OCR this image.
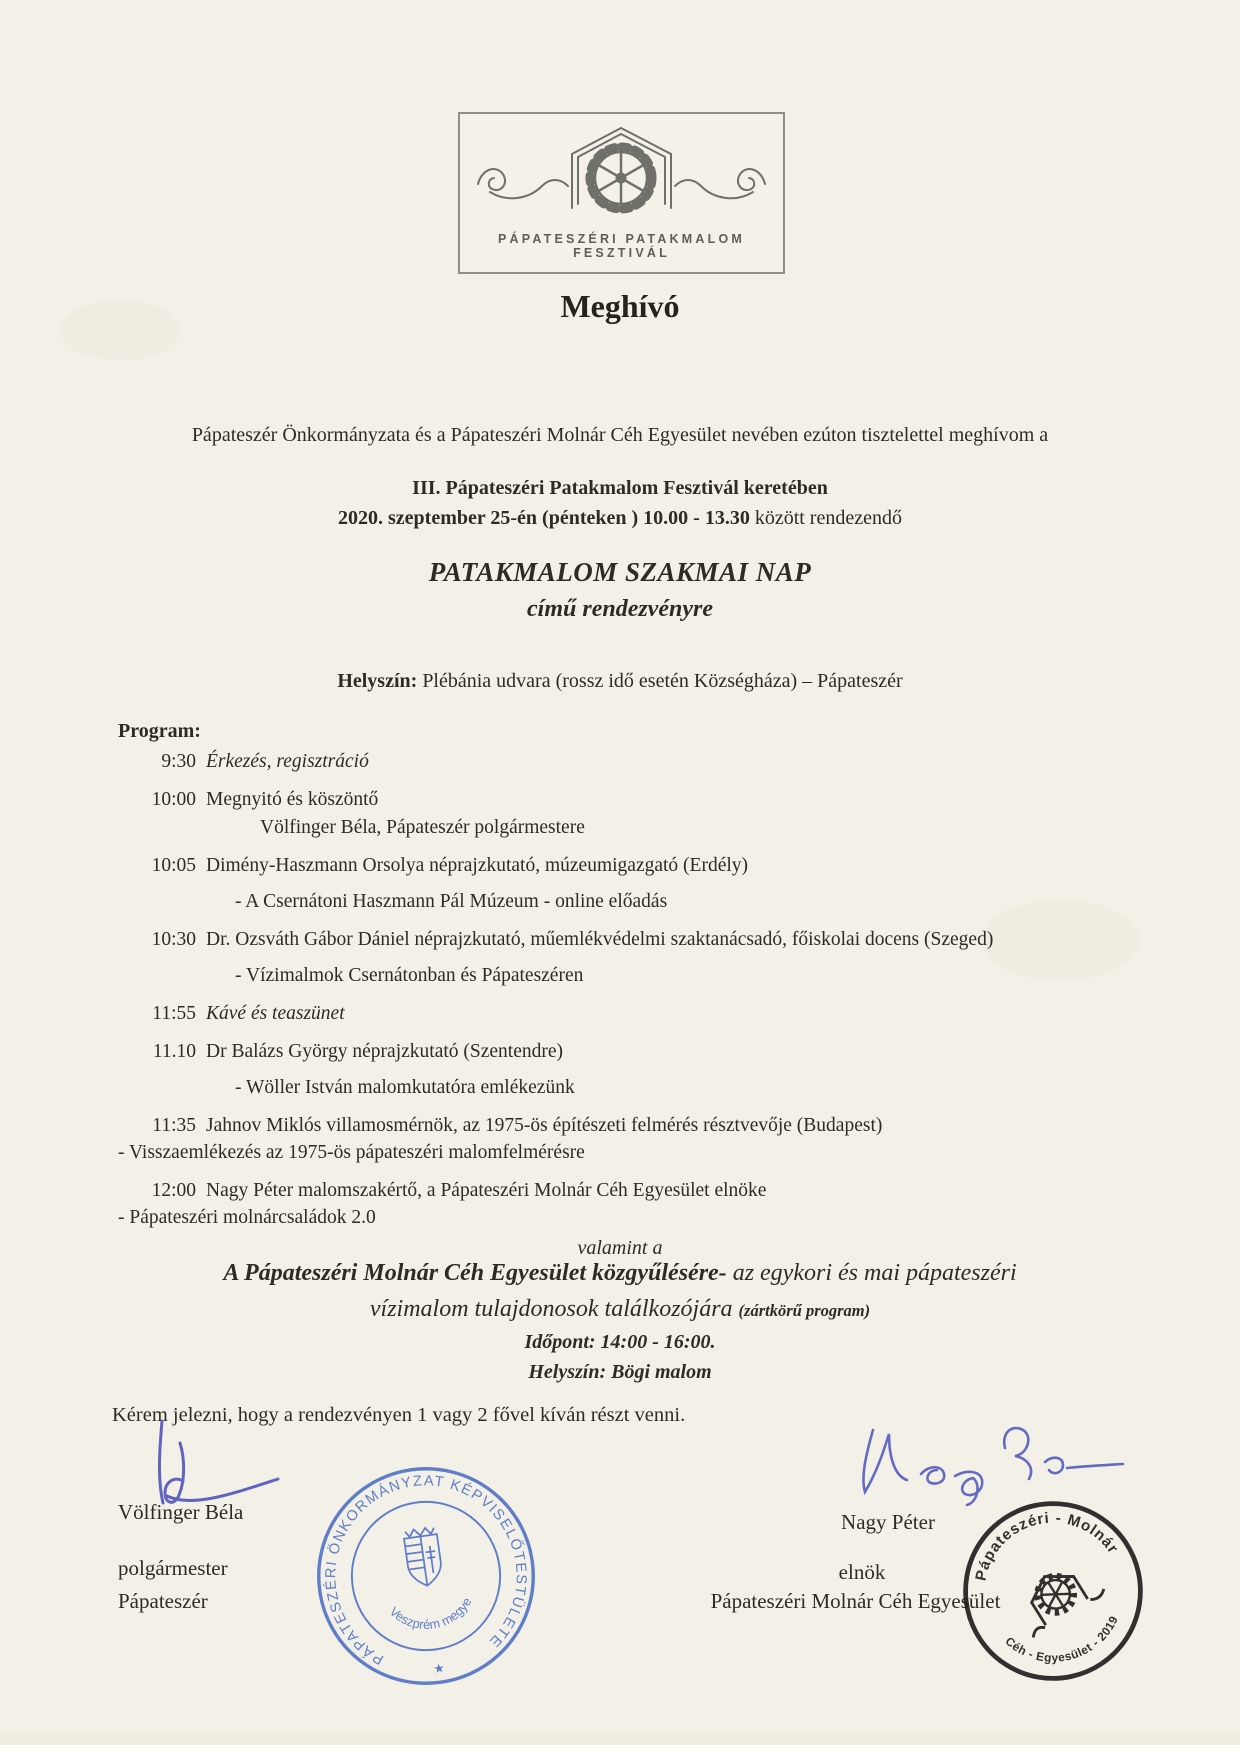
PÁPATESZÉRI PATAKMALOM FESZTIVÁL
Meghívó
Pápateszér Önkormányzata és a Pápateszéri Molnár Céh Egyesület nevében ezúton tisztelettel meghívom a
III. Pápateszéri Patakmalom Fesztivál keretében
2020. szeptember 25-én (pénteken ) 10.00 - 13.30 között rendezendő
PATAKMALOM SZAKMAI NAP
című rendezvényre
Helyszín: Plébánia udvara (rossz idő esetén Községháza) – Pápateszér
Program:
9:30 Érkezés, regisztráció
10:00 Megnyitó és köszöntő
Völfinger Béla, Pápateszér polgármestere
10:05 Dimény-Haszmann Orsolya néprajzkutató, múzeumigazgató (Erdély)
- A Csernátoni Haszmann Pál Múzeum - online előadás
10:30 Dr. Ozsváth Gábor Dániel néprajzkutató, műemlékvédelmi szaktanácsadó, főiskolai docens (Szeged)
- Vízimalmok Csernátonban és Pápateszéren
11:55 Kávé és teaszünet
11.10 Dr Balázs György néprajzkutató (Szentendre)
- Wöller István malomkutatóra emlékezünk
11:35 Jahnov Miklós villamosmérnök, az 1975-ös építészeti felmérés résztvevője (Budapest)
- Visszaemlékezés az 1975-ös pápateszéri malomfelmérésre
12:00 Nagy Péter malomszakértő, a Pápateszéri Molnár Céh Egyesület elnöke
- Pápateszéri molnárcsaládok 2.0
valamint a
A Pápateszéri Molnár Céh Egyesület közgyűlésére- az egykori és mai pápateszéri
vízimalom tulajdonosok találkozójára (zártkörű program)
Időpont: 14:00 - 16:00.
Helyszín: Bögi malom
Kérem jelezni, hogy a rendezvényen 1 vagy 2 fővel kíván részt venni.
Völfinger Béla
polgármester
Pápateszér
PÁPATESZÉRI ÖNKORMÁNYZAT KÉPVISELŐTESTÜLETE
Veszprém megye
★
Nagy Péter
elnök
Pápateszéri Molnár Céh Egyesület
Pápateszéri - Molnár
Céh - Egyesület - 2019
